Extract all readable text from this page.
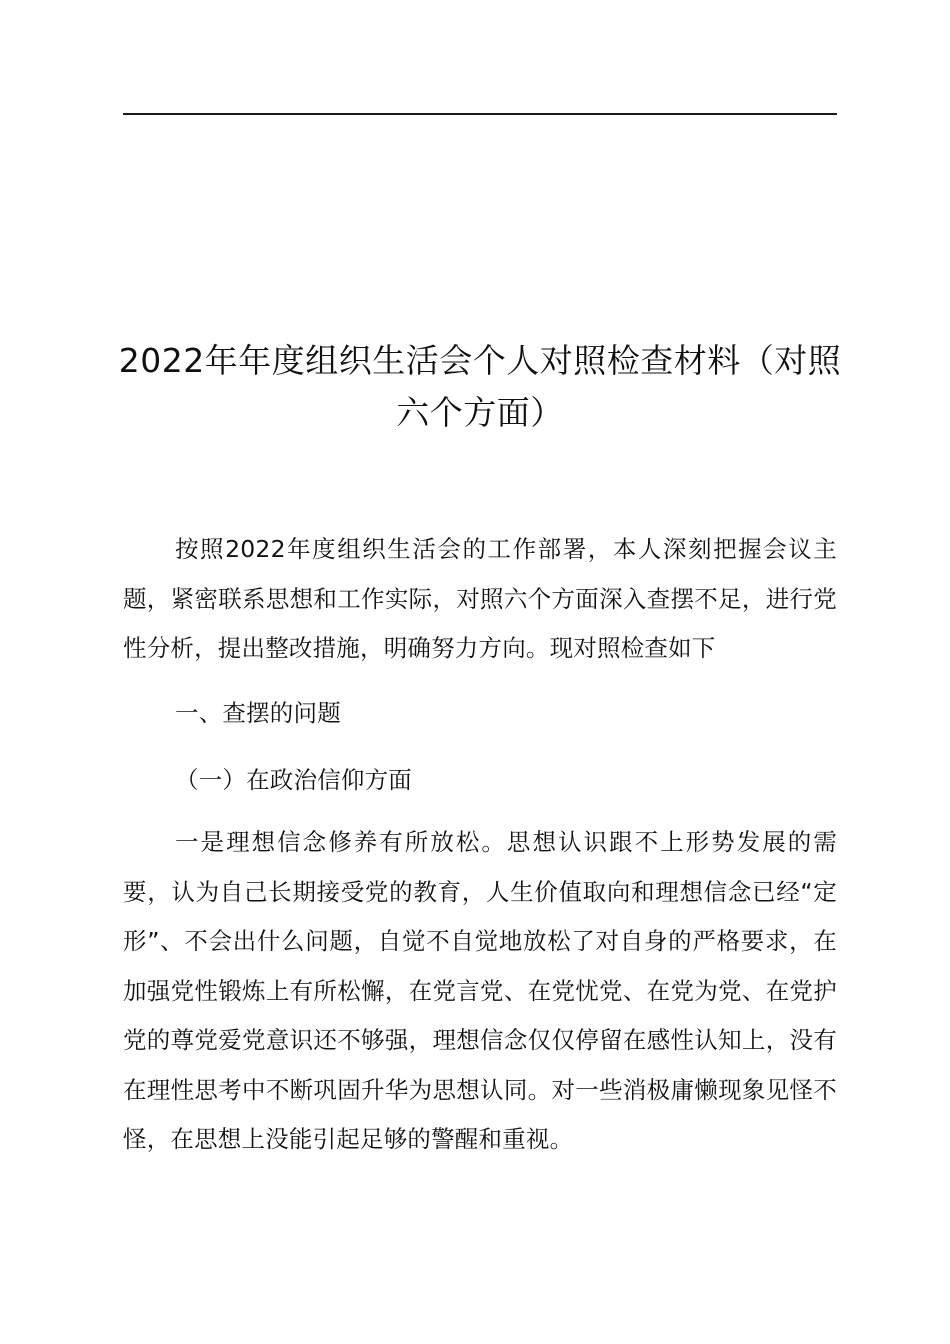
2022年年度组织生活会个人对照检查材料（对照六个方面）

按照2022年度组织生活会的工作部署，本人深刻把握会议主题，紧密联系思想和工作实际，对照六个方面深入查摆不足，进行党性分析，提出整改措施，明确努力方向。现对照检查如下

一、查摆的问题

（一）在政治信仰方面

一是理想信念修养有所放松。思想认识跟不上形势发展的需要，认为自己长期接受党的教育，人生价值取向和理想信念已经“定形”、不会出什么问题，自觉不自觉地放松了对自身的严格要求，在加强党性锻炼上有所松懈，在党言党、在党忧党、在党为党、在党护党的尊党爱党意识还不够强，理想信念仅仅停留在感性认知上，没有在理性思考中不断巩固升华为思想认同。对一些消极庸懒现象见怪不怪，在思想上没能引起足够的警醒和重视。
